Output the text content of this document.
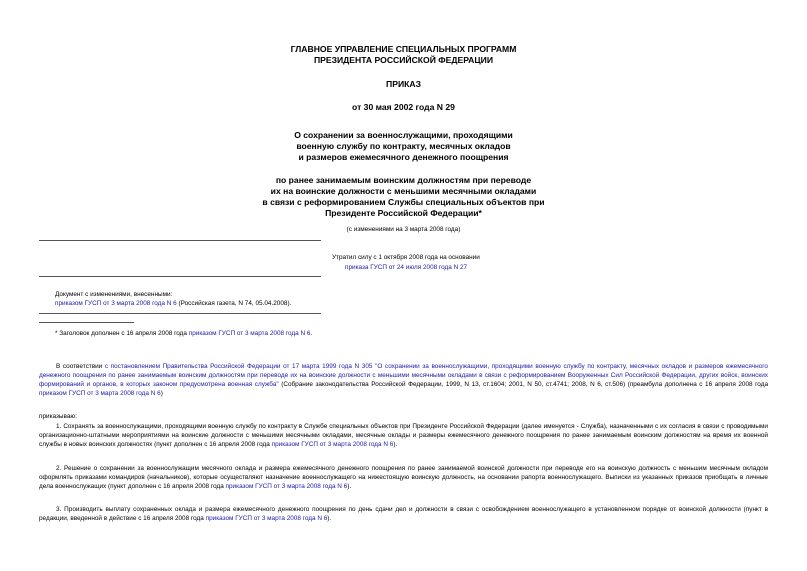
ГЛАВНОЕ УПРАВЛЕНИЕ СПЕЦИАЛЬНЫХ ПРОГРАММ
ПРЕЗИДЕНТА РОССИЙСКОЙ ФЕДЕРАЦИИ
ПРИКАЗ
от 30 мая 2002 года N 29
О сохранении за военнослужащими, проходящими
военную службу по контракту, месячных окладов
и размеров ежемесячного денежного поощрения
по ранее занимаемым воинским должностям при переводе
их на воинские должности с меньшими месячными окладами
в связи с реформированием Службы специальных объектов при
Президенте Российской Федерации*
(с изменениями на 3 марта 2008 года)
Утратил силу с 1 октября 2008 года на основании
приказа ГУСП от 24 июля 2008 года N 27
Документ с изменениями, внесенными:
приказом ГУСП от 3 марта 2008 года N 6 (Российская газета, N 74, 05.04.2008).
* Заголовок дополнен с 16 апреля 2008 года приказом ГУСП от 3 марта 2008 года N 6.
В соответствии с постановлением Правительства Российской Федерации от 17 марта 1999 года N 305 "О сохранении за военнослужащими, проходящими военную службу по контракту, месячных окладов и размеров ежемесячного денежного поощрения по ранее занимаемым воинским должностям при переводе их на воинские должности с меньшими месячными окладами в связи с реформированием Вооруженных Сил Российской Федерации, других войск, воинских формирований и органов, в которых законом предусмотрена военная служба" (Собрание законодательства Российской Федерации, 1999, N 13, ст.1604; 2001, N 50, ст.4741; 2008, N 6, ст.506) (преамбула дополнена с 16 апреля 2008 года приказом ГУСП от 3 марта 2008 года N 6)
приказываю:
1. Сохранять за военнослужащими, проходящими военную службу по контракту в Службе специальных объектов при Президенте Российской Федерации (далее именуется - Служба), назначенными с их согласия в связи с проводимыми организационно-штатными мероприятиями на воинские должности с меньшими месячными окладами, месячные оклады и размеры ежемесячного денежного поощрения по ранее занимаемым воинским должностям на время их военной службы в новых воинских должностях (пункт дополнен с 16 апреля 2008 года приказом ГУСП от 3 марта 2008 года N 6).
2. Решение о сохранении за военнослужащим месячного оклада и размера ежемесячного денежного поощрения по ранее занимаемой воинской должности при переводе его на воинскую должность с меньшим месячным окладом оформлять приказами командиров (начальников), которые осуществляют назначение военнослужащего на нижестоящую воинскую должность, на основании рапорта военнослужащего. Выписки из указанных приказов приобщать в личные дела военнослужащих (пункт дополнен с 16 апреля 2008 года приказом ГУСП от 3 марта 2008 года N 6).
3. Производить выплату сохраненных оклада и размера ежемесячного денежного поощрения по день сдачи дел и должности в связи с освобождением военнослужащего в установленном порядке от воинской должности (пункт в редакции, введенной в действие с 16 апреля 2008 года приказом ГУСП от 3 марта 2008 года N 6).
